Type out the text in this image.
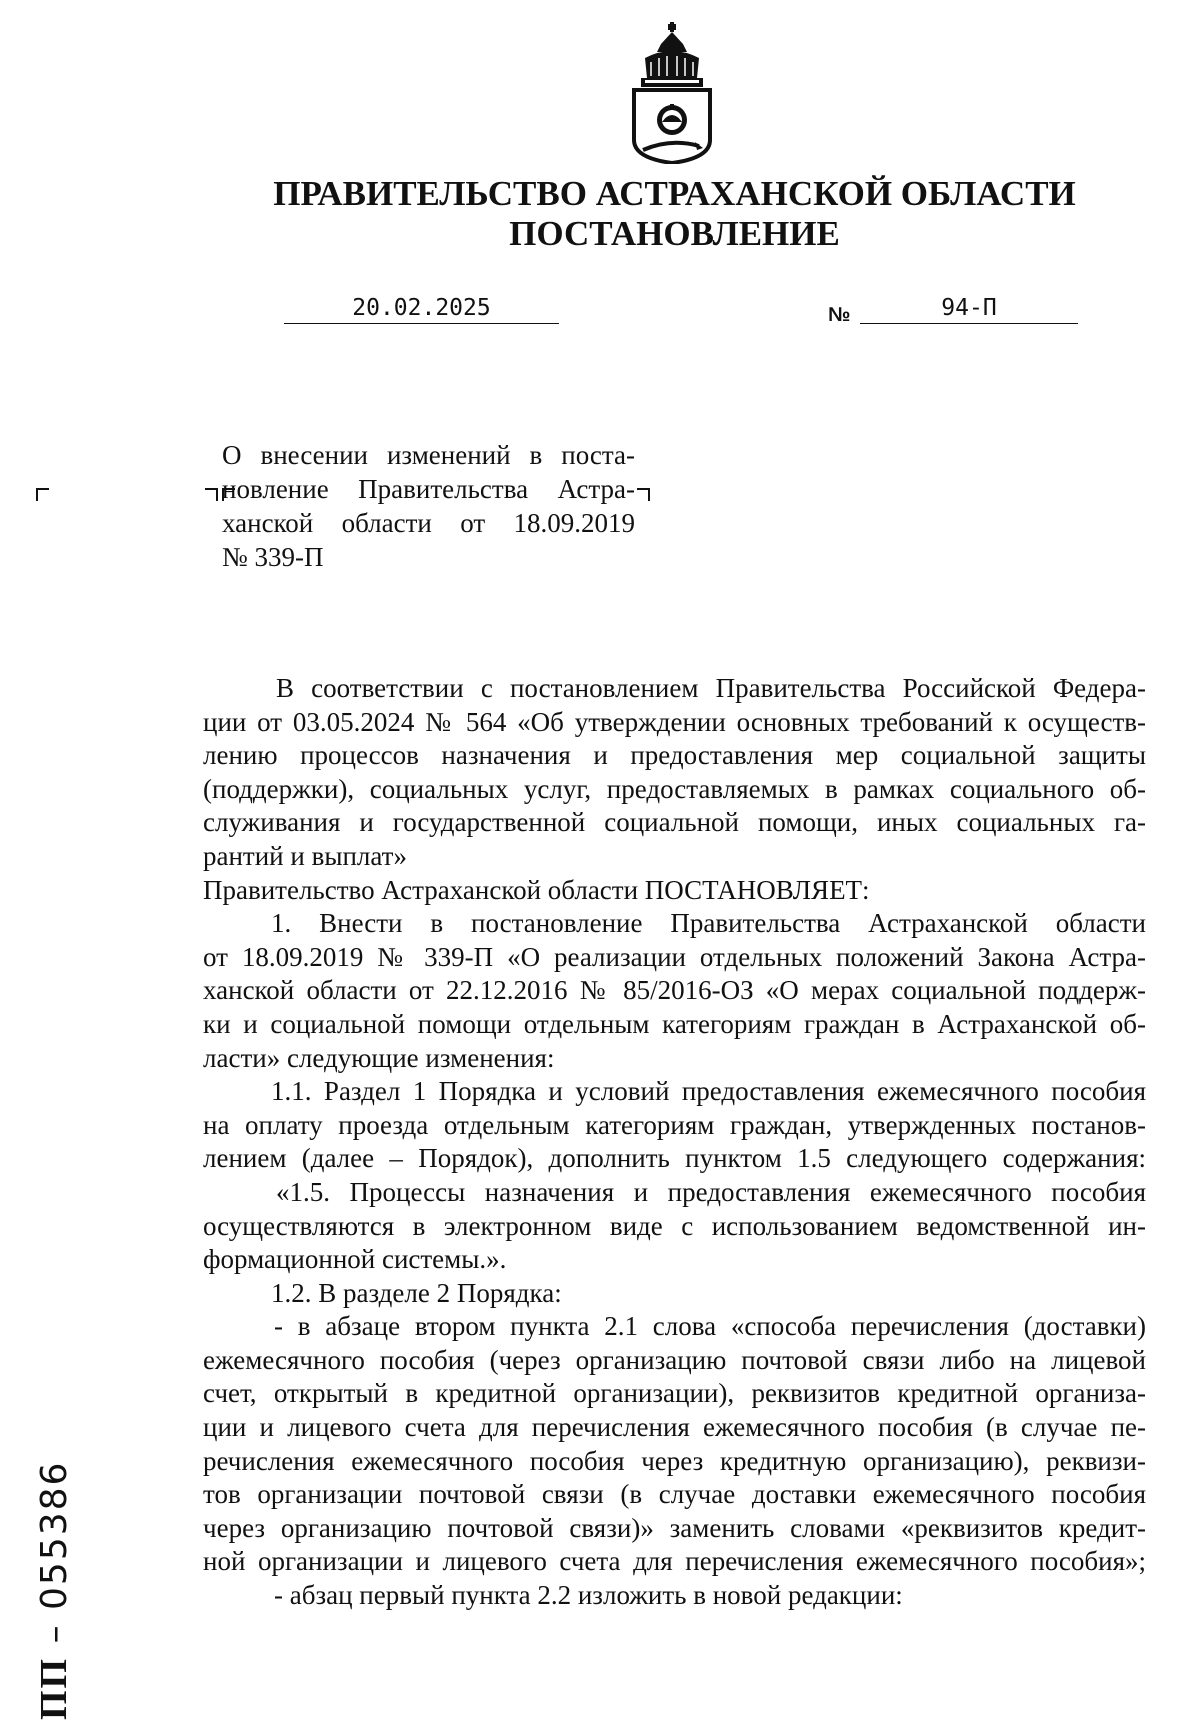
ПРАВИТЕЛЬСТВО АСТРАХАНСКОЙ ОБЛАСТИ
ПОСТАНОВЛЕНИЕ
20.02.2025	№	94-П
О внесении изменений в поста-
новление Правительства Астра-
ханской области от 18.09.2019
№ 339-П
В соответствии с постановлением Правительства Российской Федера-
ции от 03.05.2024 № 564 «Об утверждении основных требований к осуществ-
лению процессов назначения и предоставления мер социальной защиты
(поддержки), социальных услуг, предоставляемых в рамках социального об-
служивания и государственной социальной помощи, иных социальных га-
рантий и выплат»
Правительство Астраханской области ПОСТАНОВЛЯЕТ:
1. Внести в постановление Правительства Астраханской области
от 18.09.2019 № 339-П «О реализации отдельных положений Закона Астра-
ханской области от 22.12.2016 № 85/2016-ОЗ «О мерах социальной поддерж-
ки и социальной помощи отдельным категориям граждан в Астраханской об-
ласти» следующие изменения:
1.1. Раздел 1 Порядка и условий предоставления ежемесячного пособия
на оплату проезда отдельным категориям граждан, утвержденных постанов-
лением (далее – Порядок), дополнить пунктом 1.5 следующего содержания:
«1.5. Процессы назначения и предоставления ежемесячного пособия
осуществляются в электронном виде с использованием ведомственной ин-
формационной системы.».
1.2. В разделе 2 Порядка:
- в абзаце втором пункта 2.1 слова «способа перечисления (доставки)
ежемесячного пособия (через организацию почтовой связи либо на лицевой
счет, открытый в кредитной организации), реквизитов кредитной организа-
ции и лицевого счета для перечисления ежемесячного пособия (в случае пе-
речисления ежемесячного пособия через кредитную организацию), реквизи-
тов организации почтовой связи (в случае доставки ежемесячного пособия
через организацию почтовой связи)» заменить словами «реквизитов кредит-
ной организации и лицевого счета для перечисления ежемесячного пособия»;
- абзац первый пункта 2.2 изложить в новой редакции:
ПП – 055386
